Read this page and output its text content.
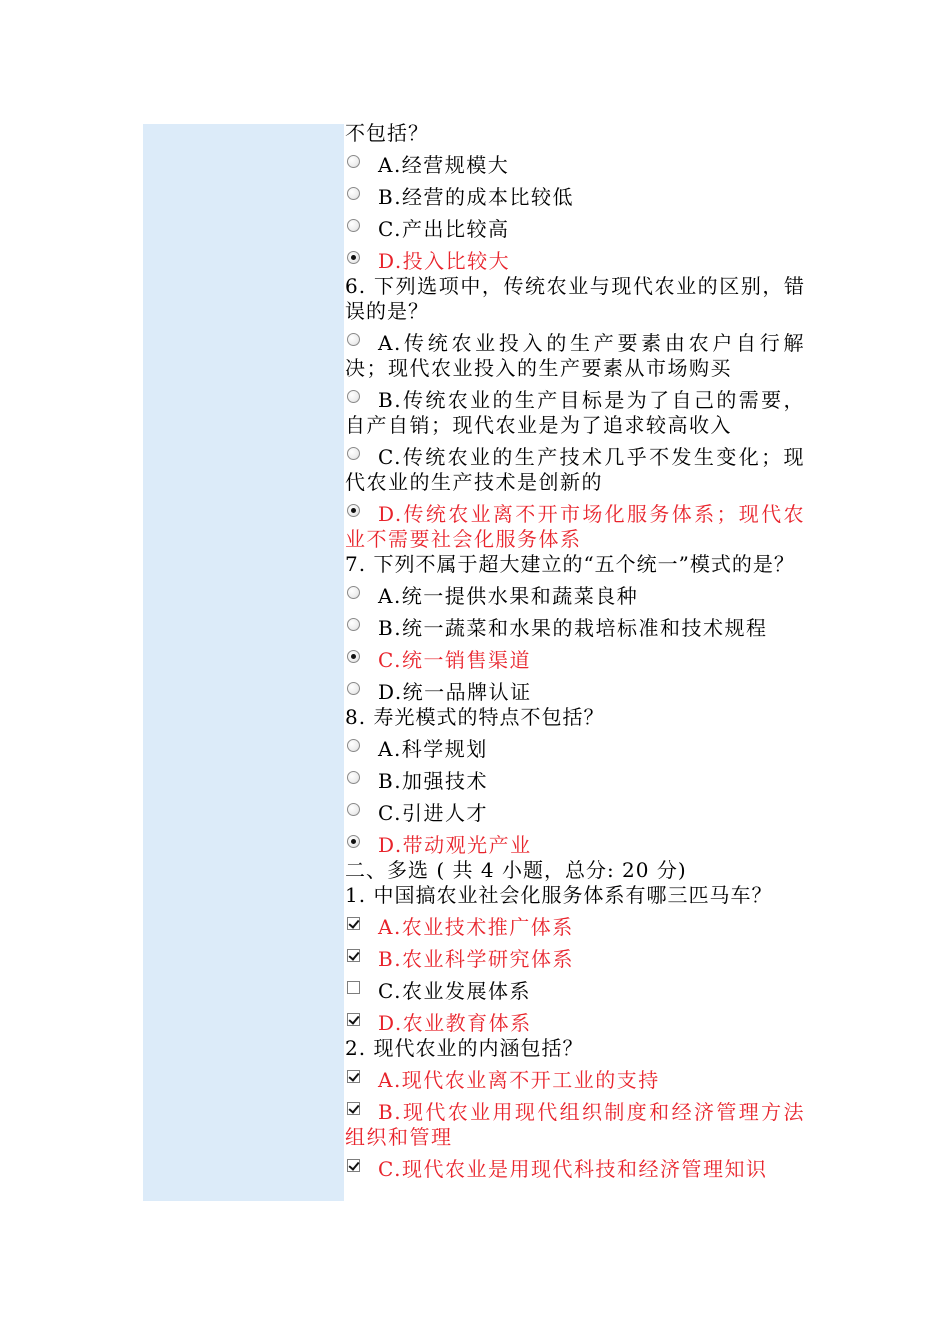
不包括？
A.经营规模大
B.经营的成本比较低
C.产出比较高
D.投入比较大
6. 下列选项中，传统农业与现代农业的区别，错误的是？
A.传统农业投入的生产要素由农户自行解决；现代农业投入的生产要素从市场购买
B.传统农业的生产目标是为了自己的需要，自产自销；现代农业是为了追求较高收入
C.传统农业的生产技术几乎不发生变化；现代农业的生产技术是创新的
D.传统农业离不开市场化服务体系；现代农业不需要社会化服务体系
7. 下列不属于超大建立的“五个统一”模式的是？
A.统一提供水果和蔬菜良种
B.统一蔬菜和水果的栽培标准和技术规程
C.统一销售渠道
D.统一品牌认证
8. 寿光模式的特点不包括？
A.科学规划
B.加强技术
C.引进人才
D.带动观光产业
二、多选 ( 共 4 小题，总分: 20 分)
1. 中国搞农业社会化服务体系有哪三匹马车？
A.农业技术推广体系
B.农业科学研究体系
C.农业发展体系
D.农业教育体系
2. 现代农业的内涵包括？
A.现代农业离不开工业的支持
B.现代农业用现代组织制度和经济管理方法组织和管理
C.现代农业是用现代科技和经济管理知识
